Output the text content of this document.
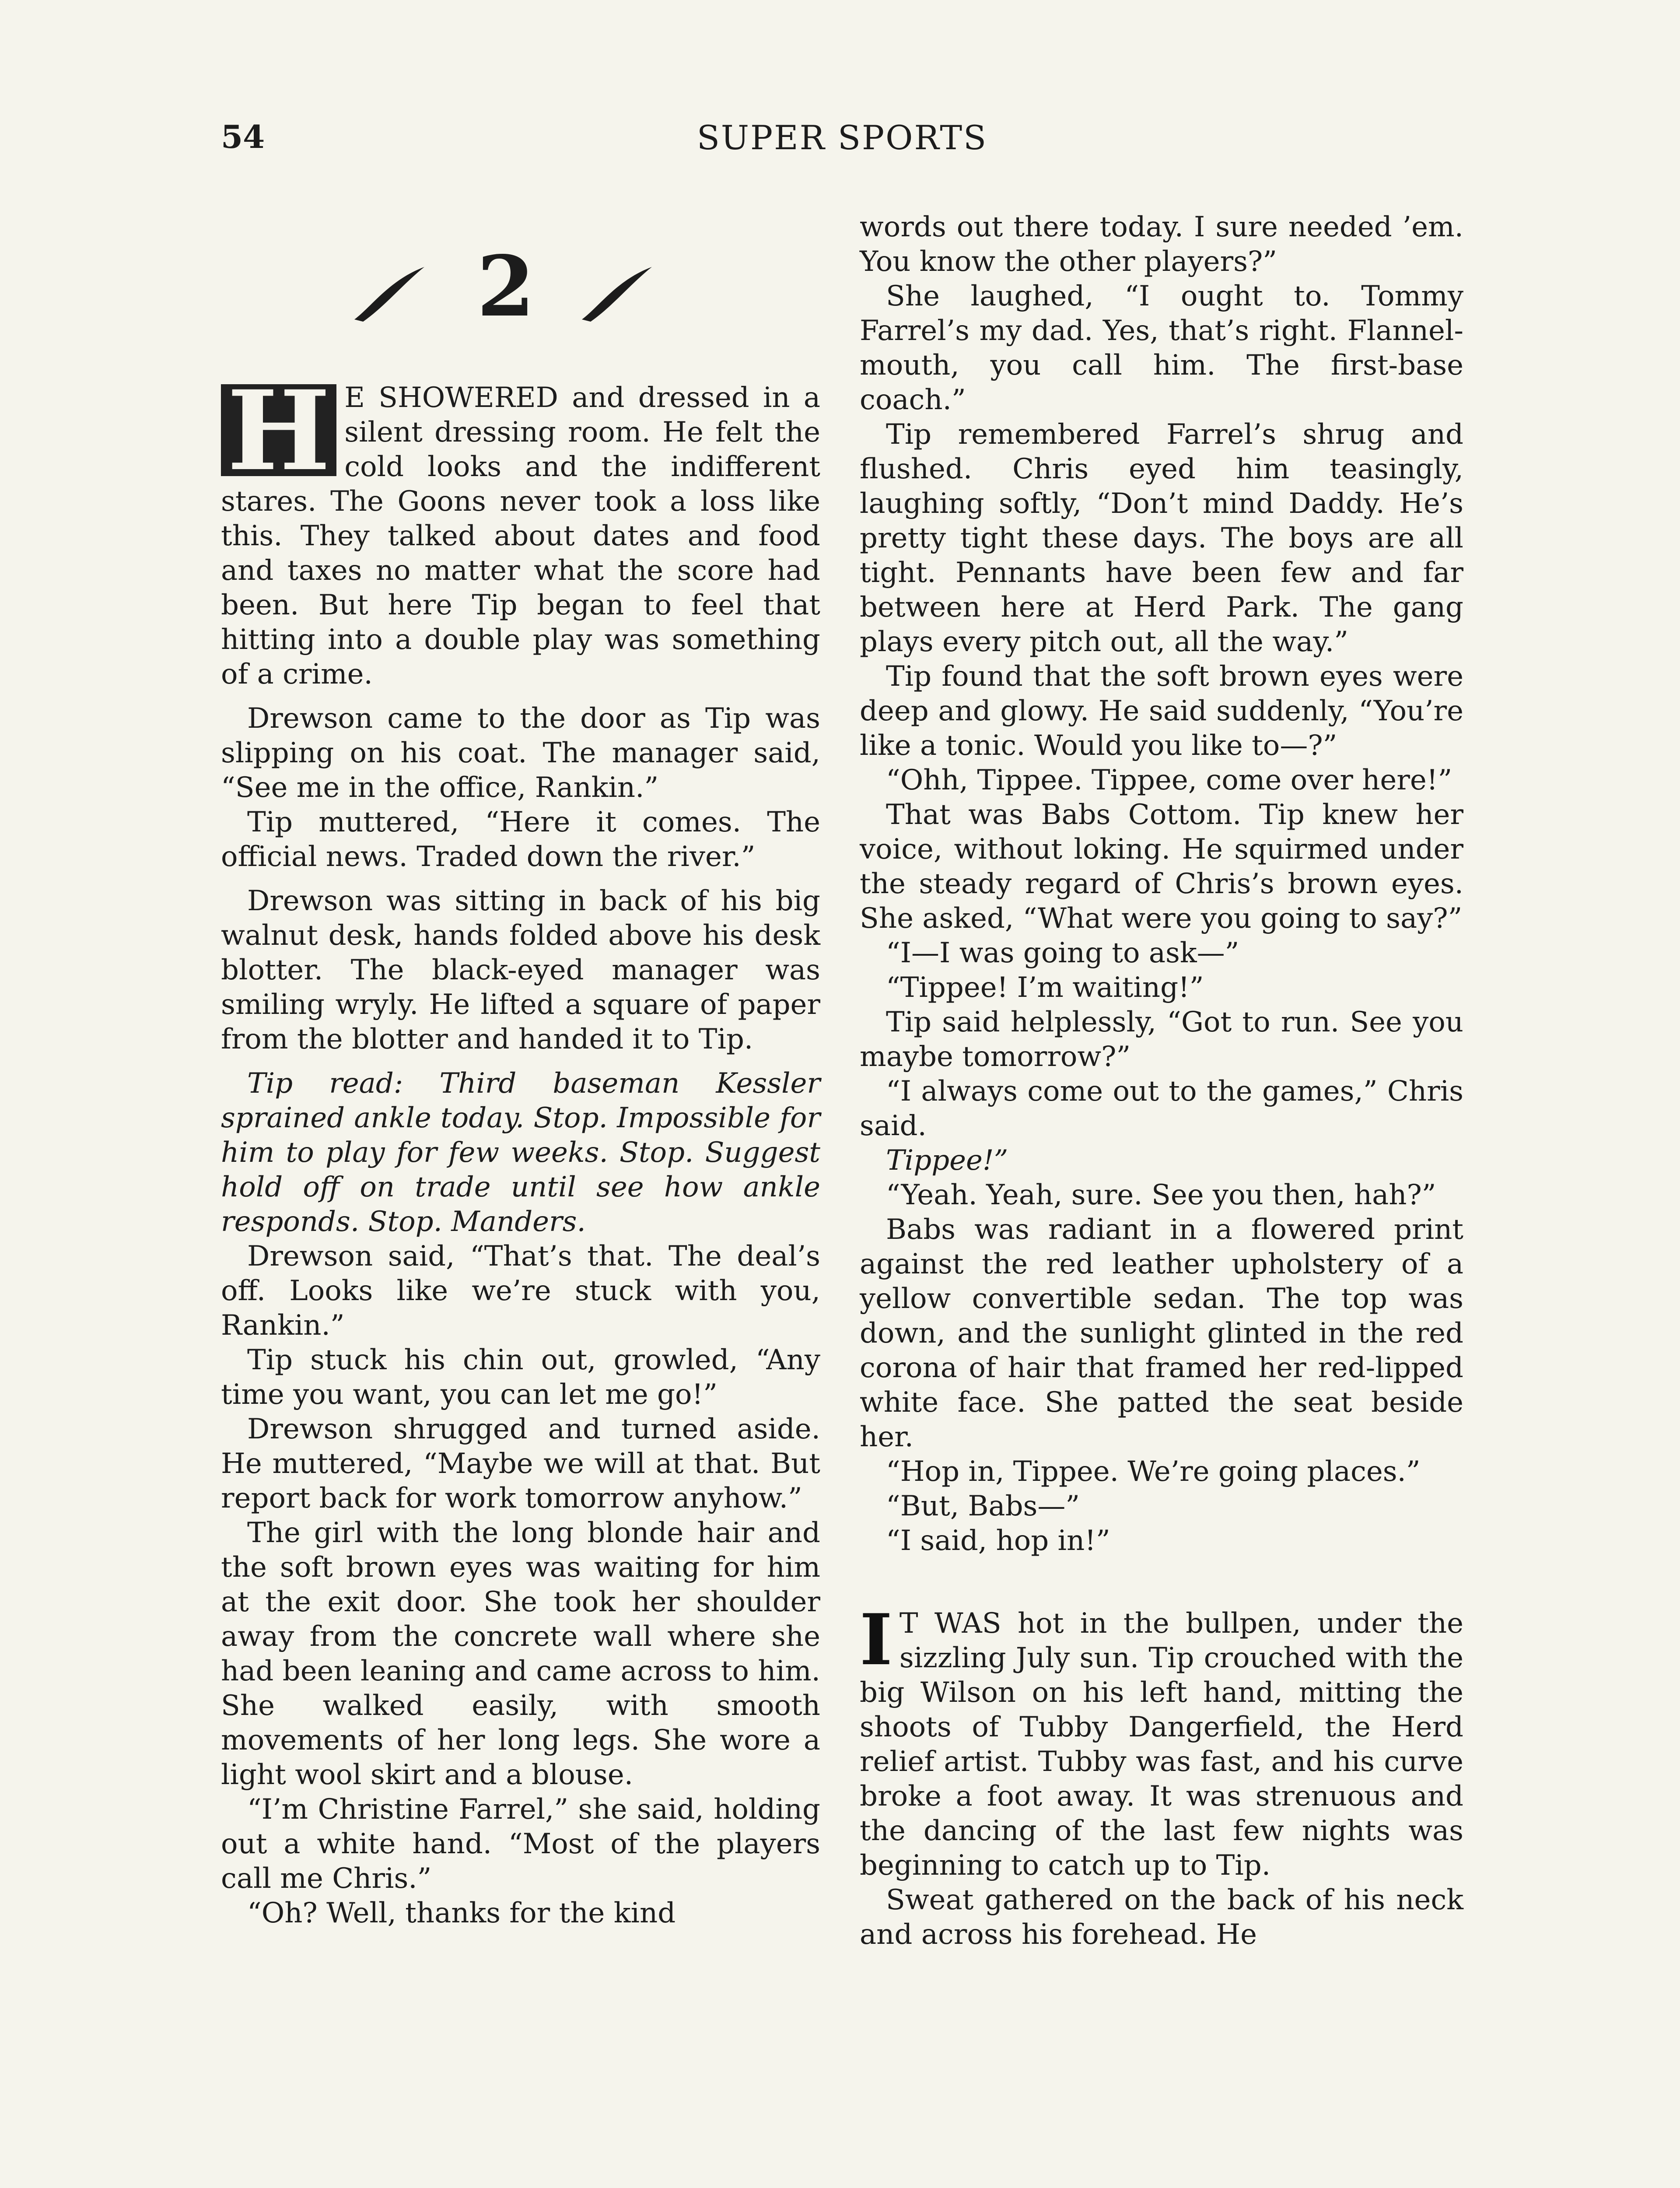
54	SUPER SPORTS
2

H E SHOWERED and dressed in a silent dressing room. He felt the cold looks and the indifferent stares. The Goons never took a loss like this. They talked about dates and food and taxes no matter what the score had been. But here Tip began to feel that hitting into a double play was something of a crime.

Drewson came to the door as Tip was slipping on his coat. The manager said, “See me in the office, Rankin.”

Tip muttered, “Here it comes. The official news. Traded down the river.”

Drewson was sitting in back of his big walnut desk, hands folded above his desk blotter. The black-eyed manager was smiling wryly. He lifted a square of paper from the blotter and handed it to Tip.

Tip read: Third baseman Kessler sprained ankle today. Stop. Impossible for him to play for few weeks. Stop. Suggest hold off on trade until see how ankle responds. Stop. Manders.

Drewson said, “That’s that. The deal’s off. Looks like we’re stuck with you, Rankin.”

Tip stuck his chin out, growled, “Any time you want, you can let me go!”

Drewson shrugged and turned aside. He muttered, “Maybe we will at that. But report back for work tomorrow anyhow.”

The girl with the long blonde hair and the soft brown eyes was waiting for him at the exit door. She took her shoulder away from the concrete wall where she had been leaning and came across to him. She walked easily, with smooth movements of her long legs. She wore a light wool skirt and a blouse.

“I’m Christine Farrel,” she said, holding out a white hand. “Most of the players call me Chris.”

“Oh? Well, thanks for the kind

words out there today. I sure needed ’em. You know the other players?”

She laughed, “I ought to. Tommy Farrel’s my dad. Yes, that’s right. Flannel-mouth, you call him. The first-base coach.”

Tip remembered Farrel’s shrug and flushed. Chris eyed him teasingly, laughing softly, “Don’t mind Daddy. He’s pretty tight these days. The boys are all tight. Pennants have been few and far between here at Herd Park. The gang plays every pitch out, all the way.”

Tip found that the soft brown eyes were deep and glowy. He said suddenly, “You’re like a tonic. Would you like to—?”

“Ohh, Tippee. Tippee, come over here!”

That was Babs Cottom. Tip knew her voice, without loking. He squirmed under the steady regard of Chris’s brown eyes. She asked, “What were you going to say?”

“I—I was going to ask—”

“Tippee! I’m waiting!”

Tip said helplessly, “Got to run. See you maybe tomorrow?”

“I always come out to the games,” Chris said.

Tippee!”

“Yeah. Yeah, sure. See you then, hah?”

Babs was radiant in a flowered print against the red leather upholstery of a yellow convertible sedan. The top was down, and the sunlight glinted in the red corona of hair that framed her red-lipped white face. She patted the seat beside her.

“Hop in, Tippee. We’re going places.”

“But, Babs—”

“I said, hop in!”

I T WAS hot in the bullpen, under the sizzling July sun. Tip crouched with the big Wilson on his left hand, mitting the shoots of Tubby Dangerfield, the Herd relief artist. Tubby was fast, and his curve broke a foot away. It was strenuous and the dancing of the last few nights was beginning to catch up to Tip.

Sweat gathered on the back of his neck and across his forehead. He
